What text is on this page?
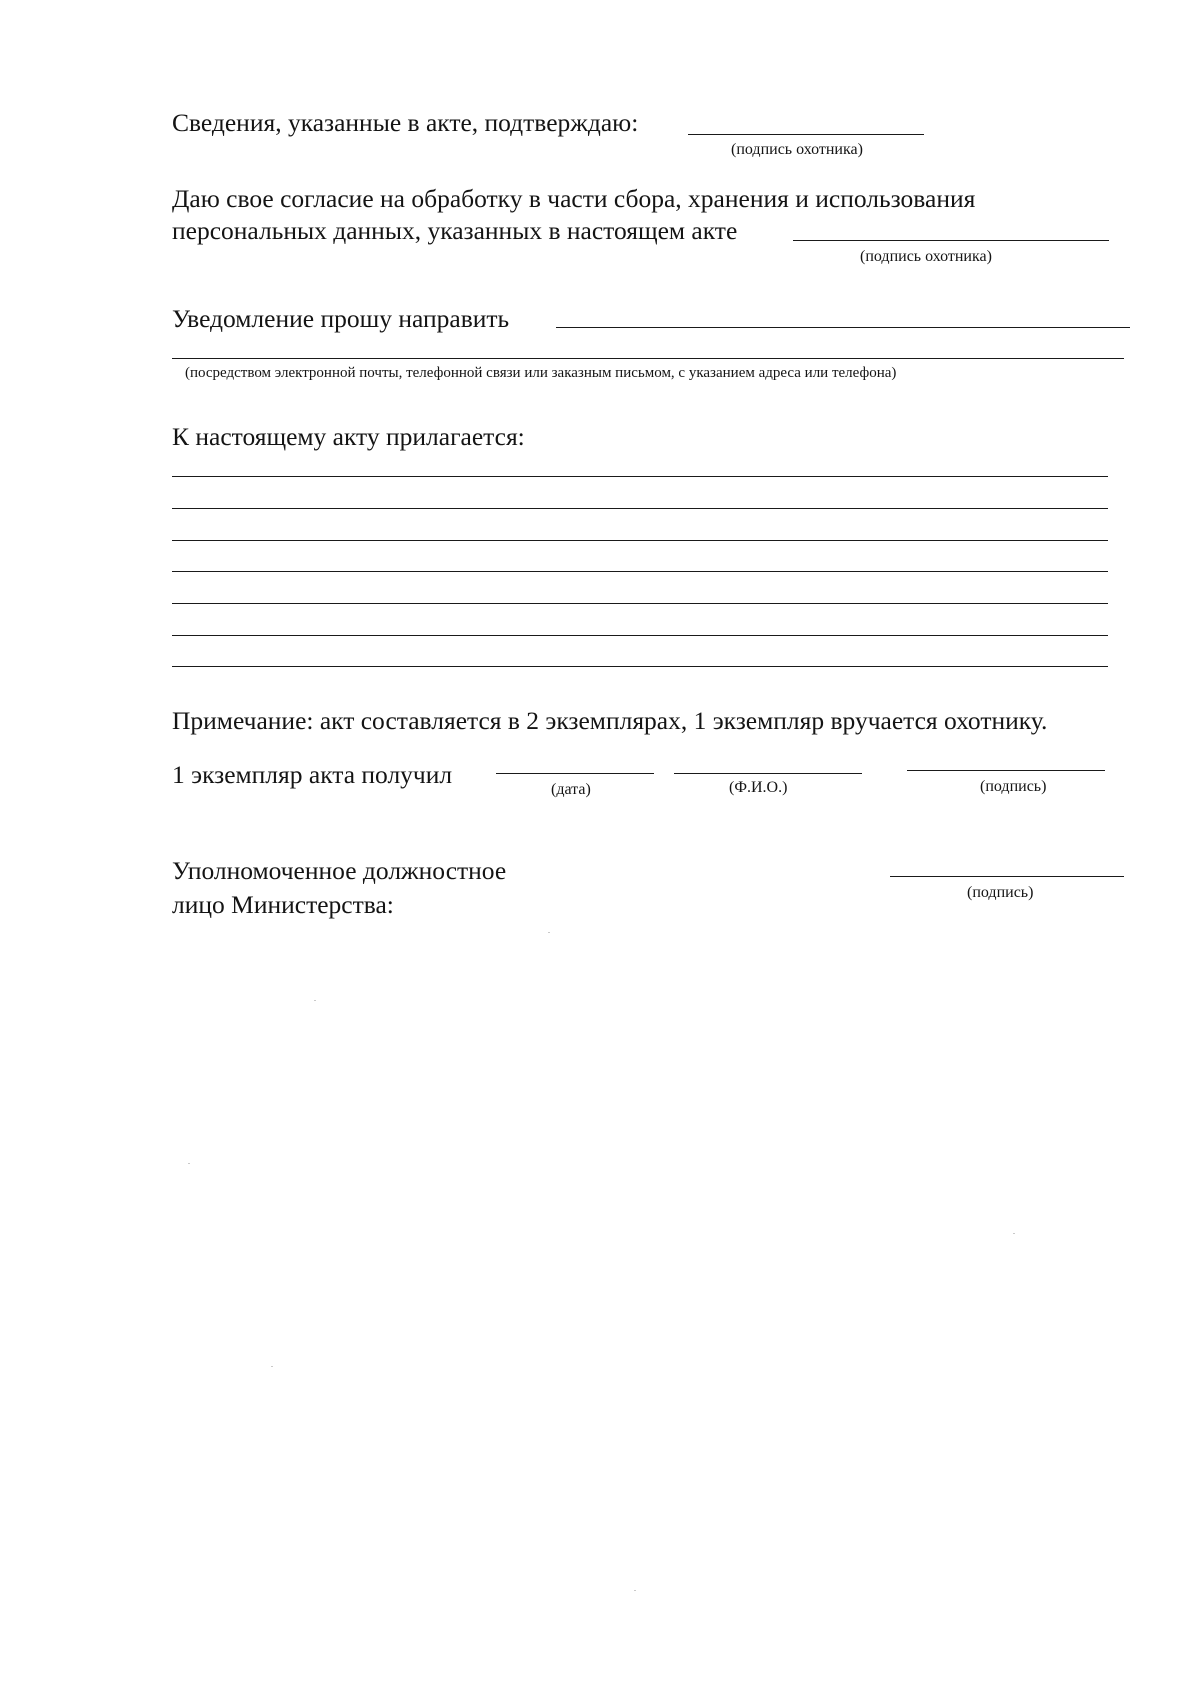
Сведения, указанные в акте, подтверждаю:
(подпись охотника)
Даю свое согласие на обработку в части сбора, хранения и использования
персональных данных, указанных в настоящем акте
(подпись охотника)
Уведомление прошу направить
(посредством электронной почты, телефонной связи или заказным письмом, с указанием адреса или телефона)
К настоящему акту прилагается:
Примечание: акт составляется в 2 экземплярах, 1 экземпляр вручается охотнику.
1 экземпляр акта получил
(дата)	(Ф.И.О.)	(подпись)
Уполномоченное должностное
лицо Министерства:	(подпись)
